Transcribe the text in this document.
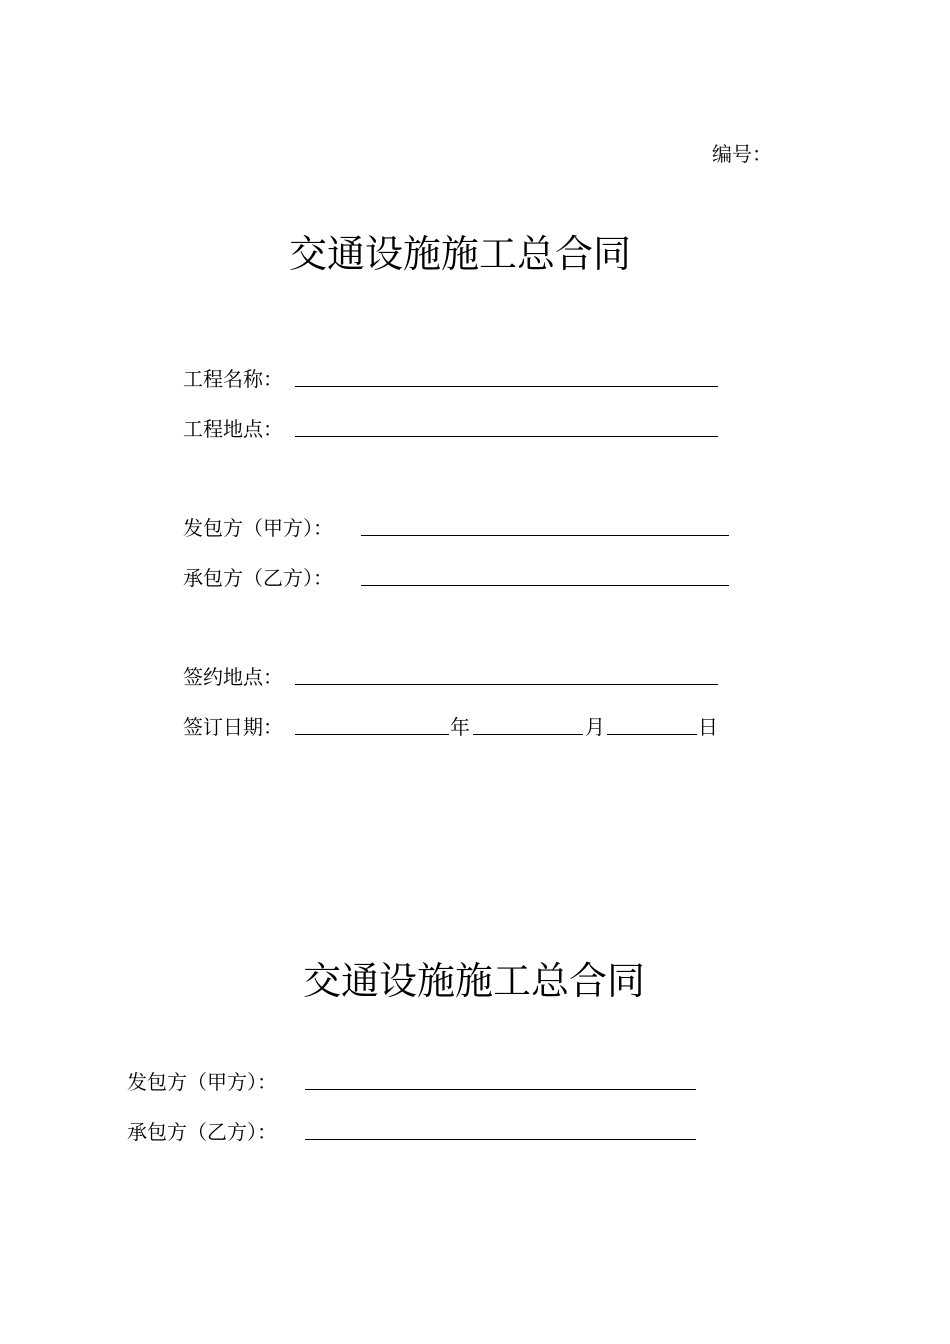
编号：
交通设施施工总合同
工程名称：
工程地点：
发包方（甲方）：
承包方（乙方）：
签约地点：
签订日期：	年	月	日
交通设施施工总合同
发包方（甲方）：
承包方（乙方）：
